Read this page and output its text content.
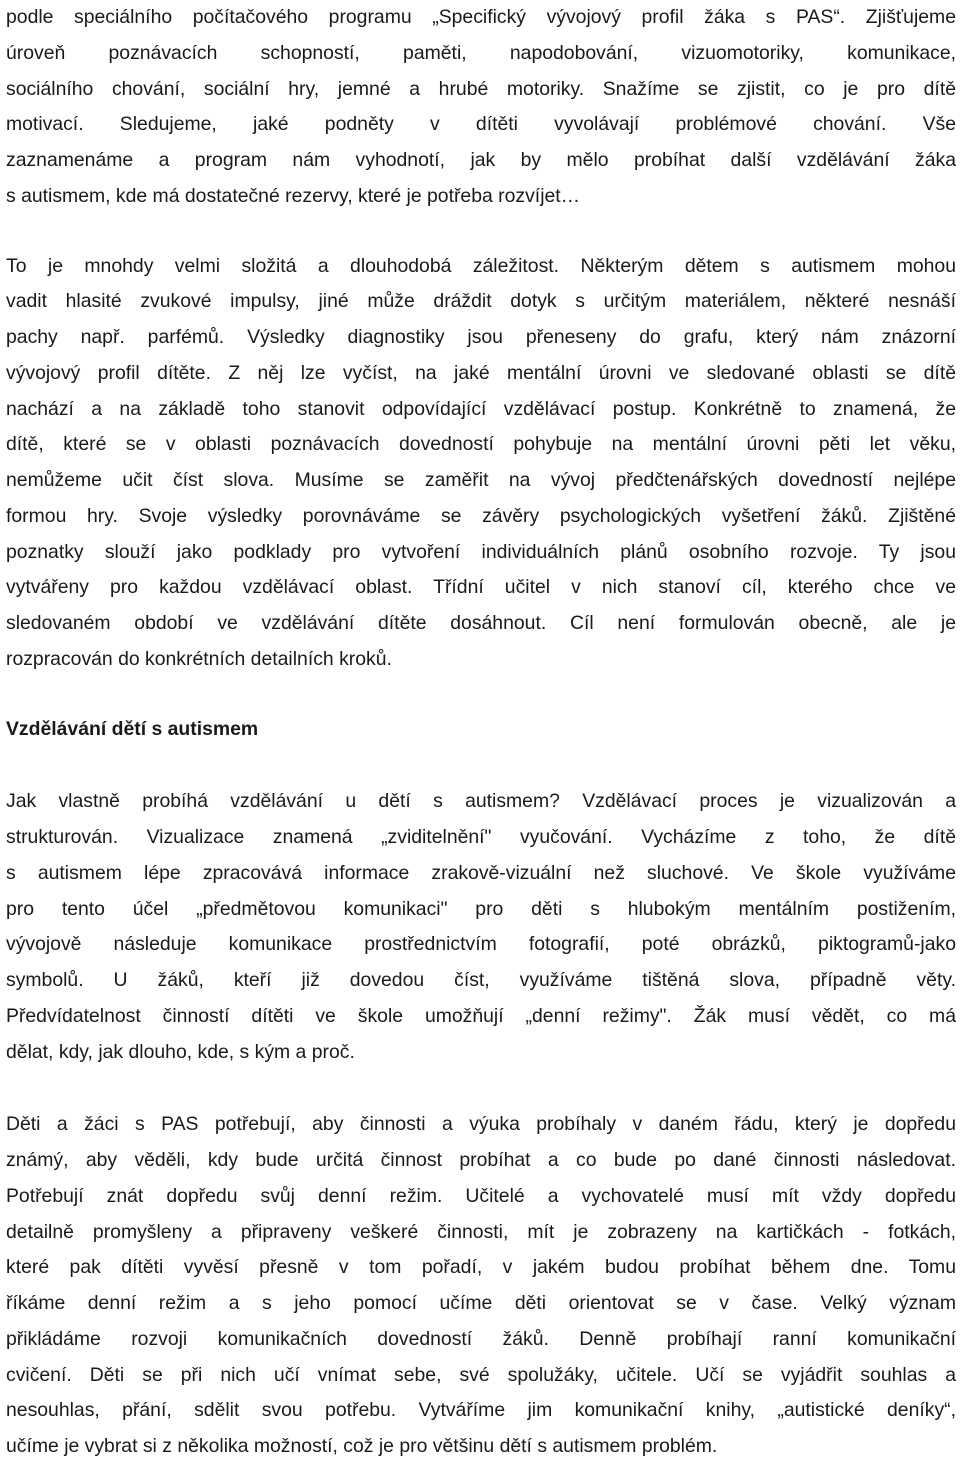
podle speciálního počítačového programu „Specifický vývojový profil žáka s PAS“. Zjišťujeme
úroveň poznávacích schopností, paměti, napodobování, vizuomotoriky, komunikace,
sociálního chování, sociální hry, jemné a hrubé motoriky. Snažíme se zjistit, co je pro dítě
motivací. Sledujeme, jaké podněty v dítěti vyvolávají problémové chování. Vše
zaznamenáme a program nám vyhodnotí, jak by mělo probíhat další vzdělávání žáka
s autismem, kde má dostatečné rezervy, které je potřeba rozvíjet…
To je mnohdy velmi složitá a dlouhodobá záležitost. Některým dětem s autismem mohou
vadit hlasité zvukové impulsy, jiné může dráždit dotyk s určitým materiálem, některé nesnáší
pachy např. parfémů. Výsledky diagnostiky jsou přeneseny do grafu, který nám znázorní
vývojový profil dítěte. Z něj lze vyčíst, na jaké mentální úrovni ve sledované oblasti se dítě
nachází a na základě toho stanovit odpovídající vzdělávací postup. Konkrétně to znamená, že
dítě, které se v oblasti poznávacích dovedností pohybuje na mentální úrovni pěti let věku,
nemůžeme učit číst slova. Musíme se zaměřit na vývoj předčtenářských dovedností nejlépe
formou hry. Svoje výsledky porovnáváme se závěry psychologických vyšetření žáků. Zjištěné
poznatky slouží jako podklady pro vytvoření individuálních plánů osobního rozvoje. Ty jsou
vytvářeny pro každou vzdělávací oblast. Třídní učitel v nich stanoví cíl, kterého chce ve
sledovaném období ve vzdělávání dítěte dosáhnout. Cíl není formulován obecně, ale je
rozpracován do konkrétních detailních kroků.
Vzdělávání dětí s autismem
Jak vlastně probíhá vzdělávání u dětí s autismem? Vzdělávací proces je vizualizován a
strukturován. Vizualizace znamená „zviditelnění" vyučování. Vycházíme z toho, že dítě
s autismem lépe zpracovává informace zrakově-vizuální než sluchové. Ve škole využíváme
pro tento účel „předmětovou komunikaci" pro děti s hlubokým mentálním postižením,
vývojově následuje komunikace prostřednictvím fotografií, poté obrázků, piktogramů-jako
symbolů. U žáků, kteří již dovedou číst, využíváme tištěná slova, případně věty.
Předvídatelnost činností dítěti ve škole umožňují „denní režimy". Žák musí vědět, co má
dělat, kdy, jak dlouho, kde, s kým a proč.
Děti a žáci s PAS potřebují, aby činnosti a výuka probíhaly v daném řádu, který je dopředu
známý, aby věděli, kdy bude určitá činnost probíhat a co bude po dané činnosti následovat.
Potřebují znát dopředu svůj denní režim. Učitelé a vychovatelé musí mít vždy dopředu
detailně promyšleny a připraveny veškeré činnosti, mít je zobrazeny na kartičkách - fotkách,
které pak dítěti vyvěsí přesně v tom pořadí, v jakém budou probíhat během dne. Tomu
říkáme denní režim a s jeho pomocí učíme děti orientovat se v čase. Velký význam
přikládáme rozvoji komunikačních dovedností žáků. Denně probíhají ranní komunikační
cvičení. Děti se při nich učí vnímat sebe, své spolužáky, učitele. Učí se vyjádřit souhlas a
nesouhlas, přání, sdělit svou potřebu. Vytváříme jim komunikační knihy, „autistické deníky“,
učíme je vybrat si z několika možností, což je pro většinu dětí s autismem problém.
